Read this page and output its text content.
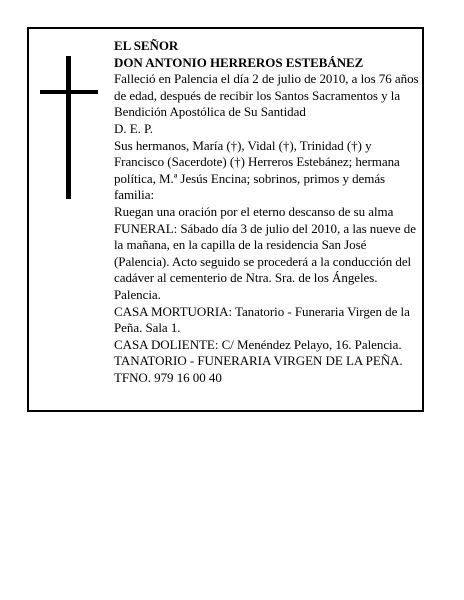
EL SEÑOR

DON ANTONIO HERREROS ESTEBÁNEZ

Falleció en Palencia el día 2 de julio de 2010, a los 76 años de edad, después de recibir los Santos Sacramentos y la Bendición Apostólica de Su Santidad

D. E. P.

Sus hermanos, María (†), Vidal (†), Trinidad (†) y Francisco (Sacerdote) (†) Herreros Estebánez; hermana política, M.ª Jesús Encina; sobrinos, primos y demás familia:

Ruegan una oración por el eterno descanso de su alma

FUNERAL: Sábado día 3 de julio del 2010, a las nueve de la mañana, en la capilla de la residencia San José (Palencia). Acto seguido se procederá a la conducción del cadáver al cementerio de Ntra. Sra. de los Ángeles. Palencia.

CASA MORTUORIA: Tanatorio - Funeraria Virgen de la Peña. Sala 1.

CASA DOLIENTE: C/ Menéndez Pelayo, 16. Palencia.

TANATORIO - FUNERARIA VIRGEN DE LA PEÑA. TFNO. 979 16 00 40
